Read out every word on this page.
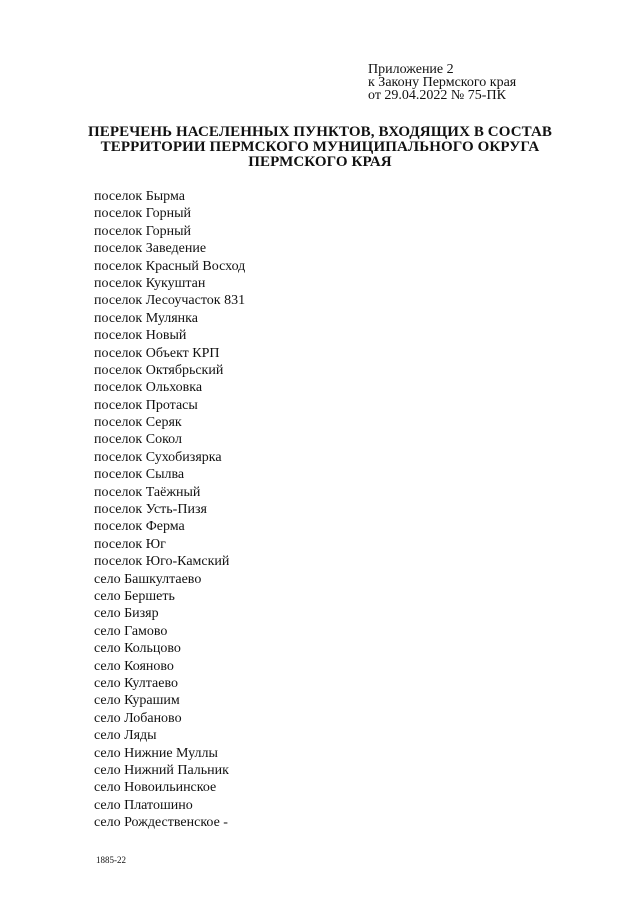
Приложение 2
к Закону Пермского края
от 29.04.2022 № 75-ПК
ПЕРЕЧЕНЬ НАСЕЛЕННЫХ ПУНКТОВ, ВХОДЯЩИХ В СОСТАВ
ТЕРРИТОРИИ ПЕРМСКОГО МУНИЦИПАЛЬНОГО ОКРУГА
ПЕРМСКОГО КРАЯ
поселок Бырма
поселок Горный
поселок Горный
поселок Заведение
поселок Красный Восход
поселок Кукуштан
поселок Лесоучасток 831
поселок Мулянка
поселок Новый
поселок Объект КРП
поселок Октябрьский
поселок Ольховка
поселок Протасы
поселок Серяк
поселок Сокол
поселок Сухобизярка
поселок Сылва
поселок Таёжный
поселок Усть-Пизя
поселок Ферма
поселок Юг
поселок Юго-Камский
село Башкултаево
село Бершеть
село Бизяр
село Гамово
село Кольцово
село Кояново
село Култаево
село Курашим
село Лобаново
село Ляды
село Нижние Муллы
село Нижний Пальник
село Новоильинское
село Платошино
село Рождественское -
1885-22
